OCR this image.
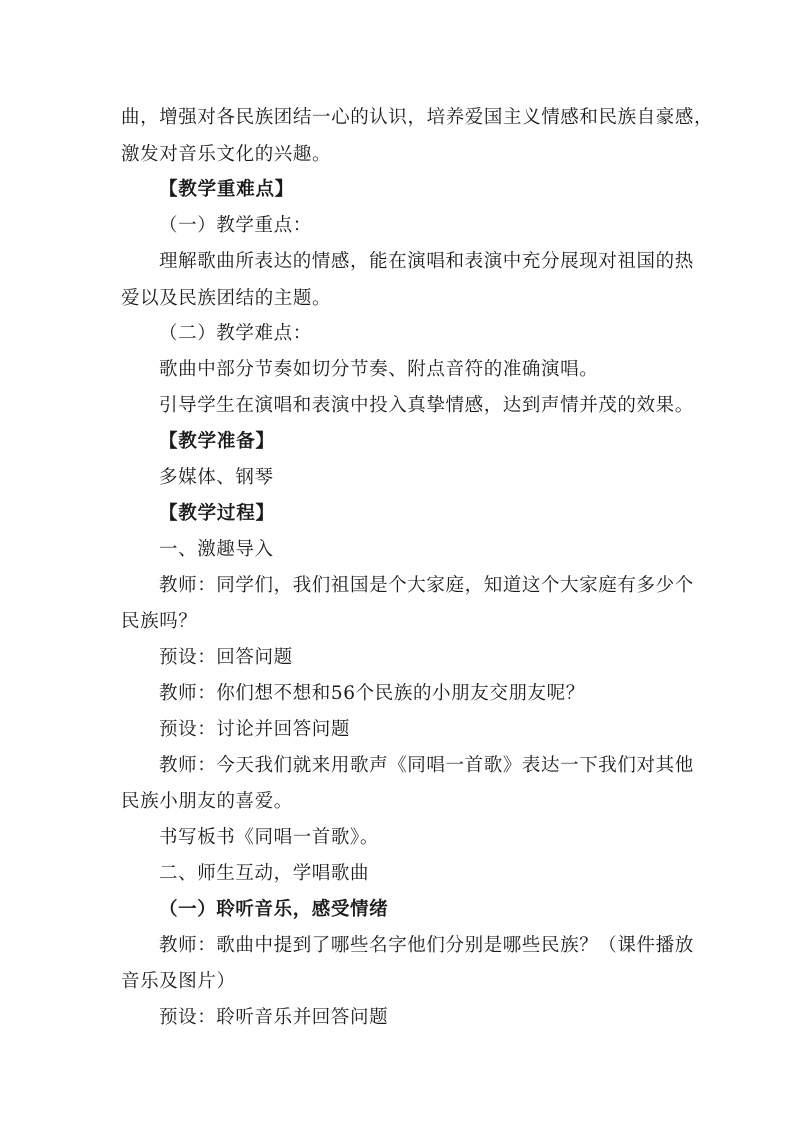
曲，增强对各民族团结一心的认识，培养爱国主义情感和民族自豪感，
激发对音乐文化的兴趣。
【教学重难点】
（一）教学重点：
理解歌曲所表达的情感，能在演唱和表演中充分展现对祖国的热
爱以及民族团结的主题。
（二）教学难点：
歌曲中部分节奏如切分节奏、附点音符的准确演唱。
引导学生在演唱和表演中投入真挚情感，达到声情并茂的效果。
【教学准备】
多媒体、钢琴
【教学过程】
一、激趣导入
教师：同学们，我们祖国是个大家庭，知道这个大家庭有多少个
民族吗？
预设：回答问题
教师：你们想不想和56个民族的小朋友交朋友呢？
预设：讨论并回答问题
教师：今天我们就来用歌声《同唱一首歌》表达一下我们对其他
民族小朋友的喜爱。
书写板书《同唱一首歌》。
二、师生互动，学唱歌曲
（一）聆听音乐，感受情绪
教师：歌曲中提到了哪些名字他们分别是哪些民族？（课件播放
音乐及图片）
预设：聆听音乐并回答问题
